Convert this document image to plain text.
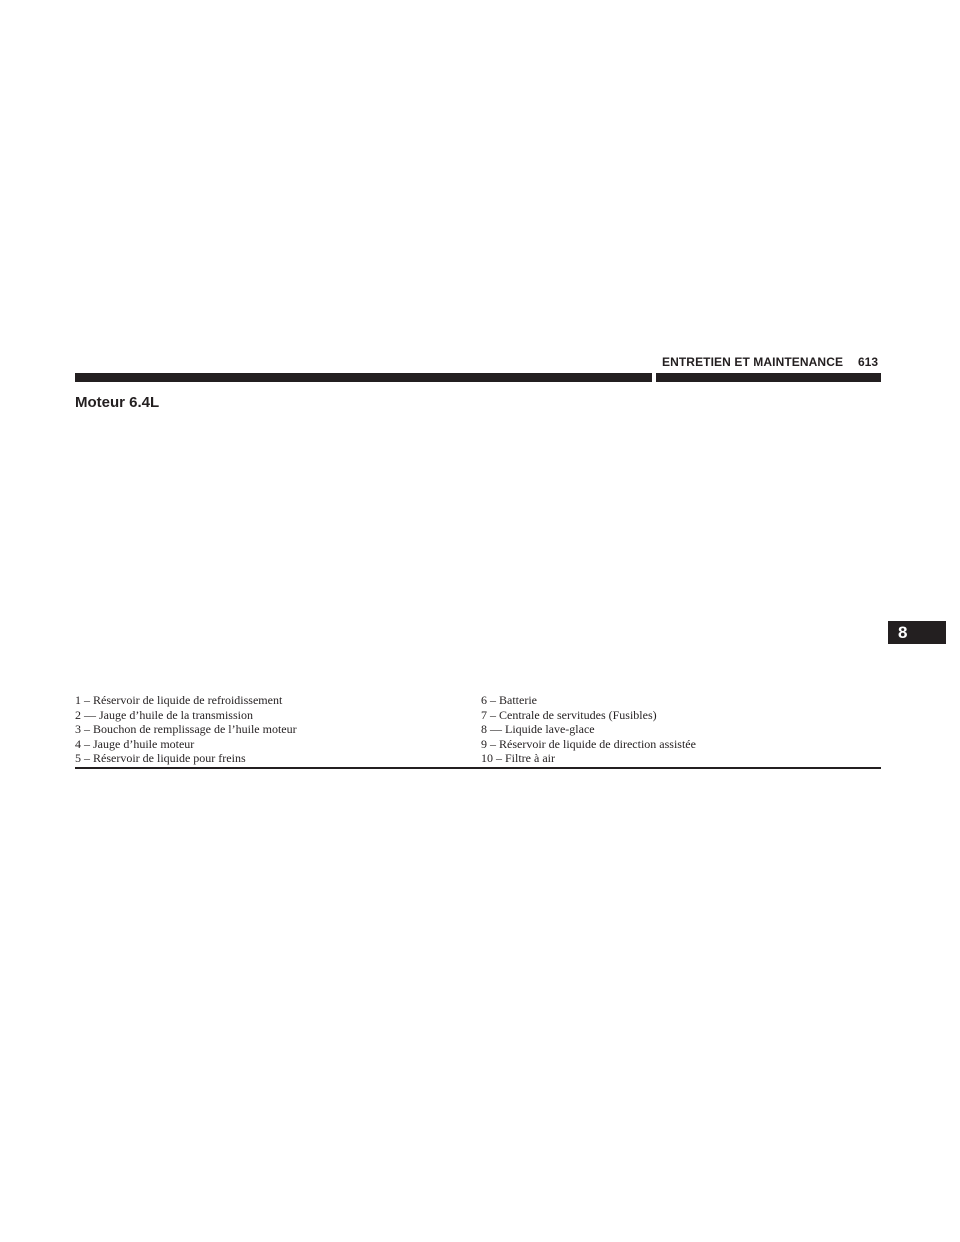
ENTRETIEN ET MAINTENANCE 613
Moteur 6.4L
8
1 – Réservoir de liquide de refroidissement
2 –– Jauge d’huile de la transmission
3 – Bouchon de remplissage de l’huile moteur
4 – Jauge d’huile moteur
5 – Réservoir de liquide pour freins
6 – Batterie
7 – Centrale de servitudes (Fusibles)
8 –– Liquide lave-glace
9 – Réservoir de liquide de direction assistée
10 – Filtre à air
